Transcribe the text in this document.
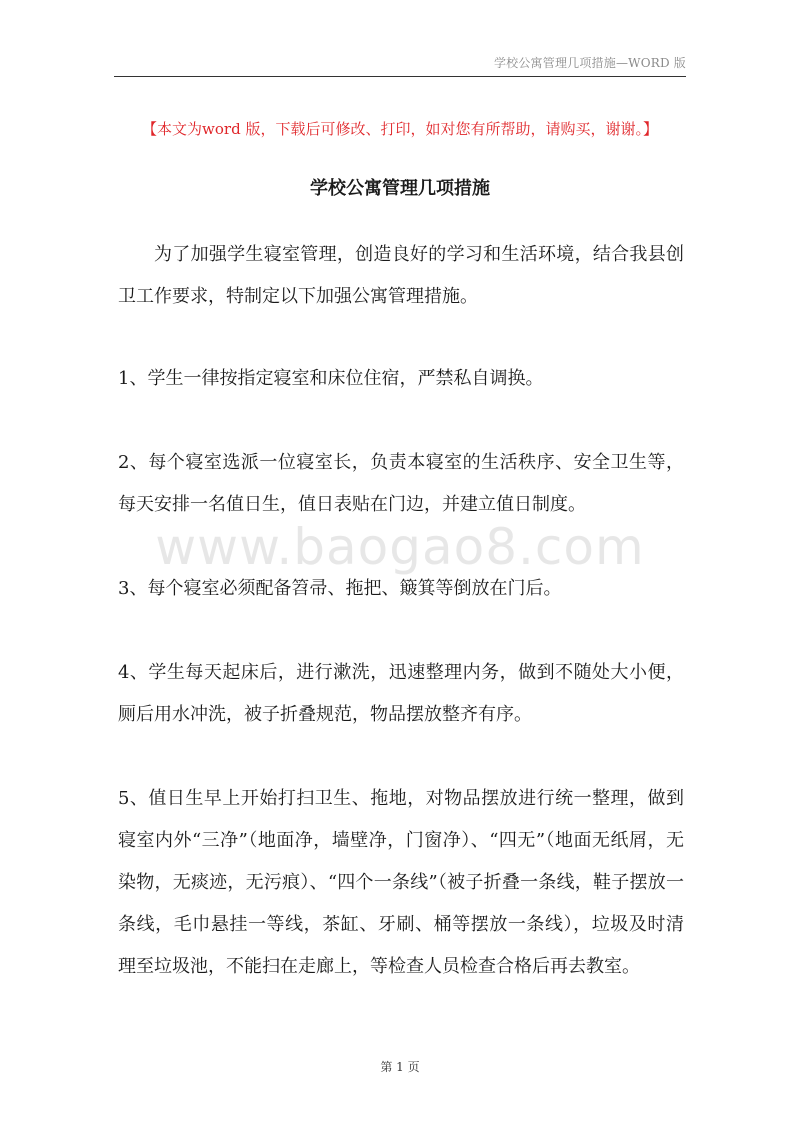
学校公寓管理几项措施—WORD 版
【本文为word 版，下载后可修改、打印，如对您有所帮助，请购买，谢谢。】
学校公寓管理几项措施
为了加强学生寝室管理，创造良好的学习和生活环境，结合我县创卫工作要求，特制定以下加强公寓管理措施。
1、学生一律按指定寝室和床位住宿，严禁私自调换。
2、每个寝室选派一位寝室长，负责本寝室的生活秩序、安全卫生等，每天安排一名值日生，值日表贴在门边，并建立值日制度。
3、每个寝室必须配备笤帚、拖把、簸箕等倒放在门后。
4、学生每天起床后，进行漱洗，迅速整理内务，做到不随处大小便，厕后用水冲洗，被子折叠规范，物品摆放整齐有序。
5、值日生早上开始打扫卫生、拖地，对物品摆放进行统一整理，做到寝室内外“三净”（地面净，墙壁净，门窗净）、“四无”（地面无纸屑，无染物，无痰迹，无污痕）、“四个一条线”（被子折叠一条线，鞋子摆放一条线，毛巾悬挂一等线，茶缸、牙刷、桶等摆放一条线），垃圾及时清理至垃圾池，不能扫在走廊上，等检查人员检查合格后再去教室。
www.baogao8.com
第 1 页
